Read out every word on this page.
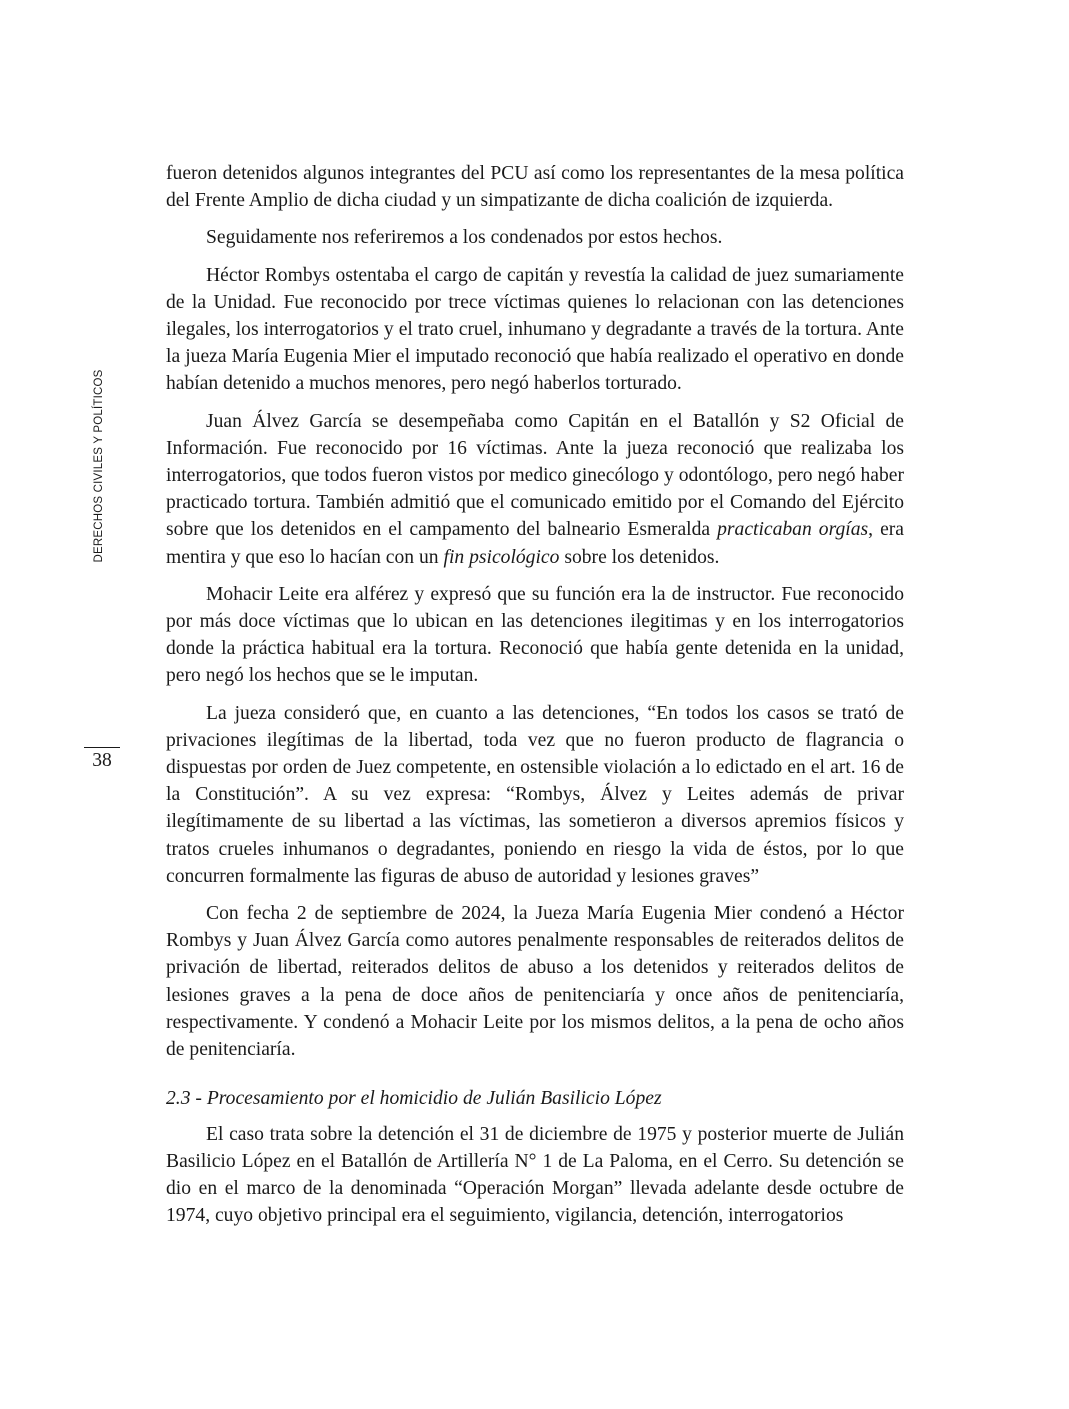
DERECHOS CIVILES Y POLÍTICOS
38

fueron detenidos algunos integrantes del PCU así como los representantes de la mesa política del Frente Amplio de dicha ciudad y un simpatizante de dicha coalición de izquierda.

Seguidamente nos referiremos a los condenados por estos hechos.

Héctor Rombys ostentaba el cargo de capitán y revestía la calidad de juez sumariamente de la Unidad. Fue reconocido por trece víctimas quienes lo relacionan con las detenciones ilegales, los interrogatorios y el trato cruel, inhumano y degradante a través de la tortura. Ante la jueza María Eugenia Mier el imputado reconoció que había realizado el operativo en donde habían detenido a muchos menores, pero negó haberlos torturado.

Juan Álvez García se desempeñaba como Capitán en el Batallón y S2 Oficial de Información. Fue reconocido por 16 víctimas. Ante la jueza reconoció que realizaba los interrogatorios, que todos fueron vistos por medico ginecólogo y odontólogo, pero negó haber practicado tortura. También admitió que el comunicado emitido por el Comando del Ejército sobre que los detenidos en el campamento del balneario Esmeralda practicaban orgías, era mentira y que eso lo hacían con un fin psicológico sobre los detenidos.

Mohacir Leite era alférez y expresó que su función era la de instructor. Fue reconocido por más doce víctimas que lo ubican en las detenciones ilegitimas y en los interrogatorios donde la práctica habitual era la tortura. Reconoció que había gente detenida en la unidad, pero negó los hechos que se le imputan.

La jueza consideró que, en cuanto a las detenciones, “En todos los casos se trató de privaciones ilegítimas de la libertad, toda vez que no fueron producto de flagrancia o dispuestas por orden de Juez competente, en ostensible violación a lo edictado en el art. 16 de la Constitución”. A su vez expresa: “Rombys, Álvez y Leites además de privar ilegítimamente de su libertad a las víctimas, las sometieron a diversos apremios físicos y tratos crueles inhumanos o degradantes, poniendo en riesgo la vida de éstos, por lo que concurren formalmente las figuras de abuso de autoridad y lesiones graves”

Con fecha 2 de septiembre de 2024, la Jueza María Eugenia Mier condenó a Héctor Rombys y Juan Álvez García como autores penalmente responsables de reiterados delitos de privación de libertad, reiterados delitos de abuso a los detenidos y reiterados delitos de lesiones graves a la pena de doce años de penitenciaría y once años de penitenciaría, respectivamente. Y condenó a Mohacir Leite por los mismos delitos, a la pena de ocho años de penitenciaría.

2.3 - Procesamiento por el homicidio de Julián Basilicio López

El caso trata sobre la detención el 31 de diciembre de 1975 y posterior muerte de Julián Basilicio López en el Batallón de Artillería N° 1 de La Paloma, en el Cerro. Su detención se dio en el marco de la denominada “Operación Morgan” llevada adelante desde octubre de 1974, cuyo objetivo principal era el seguimiento, vigilancia, detención, interrogatorios
